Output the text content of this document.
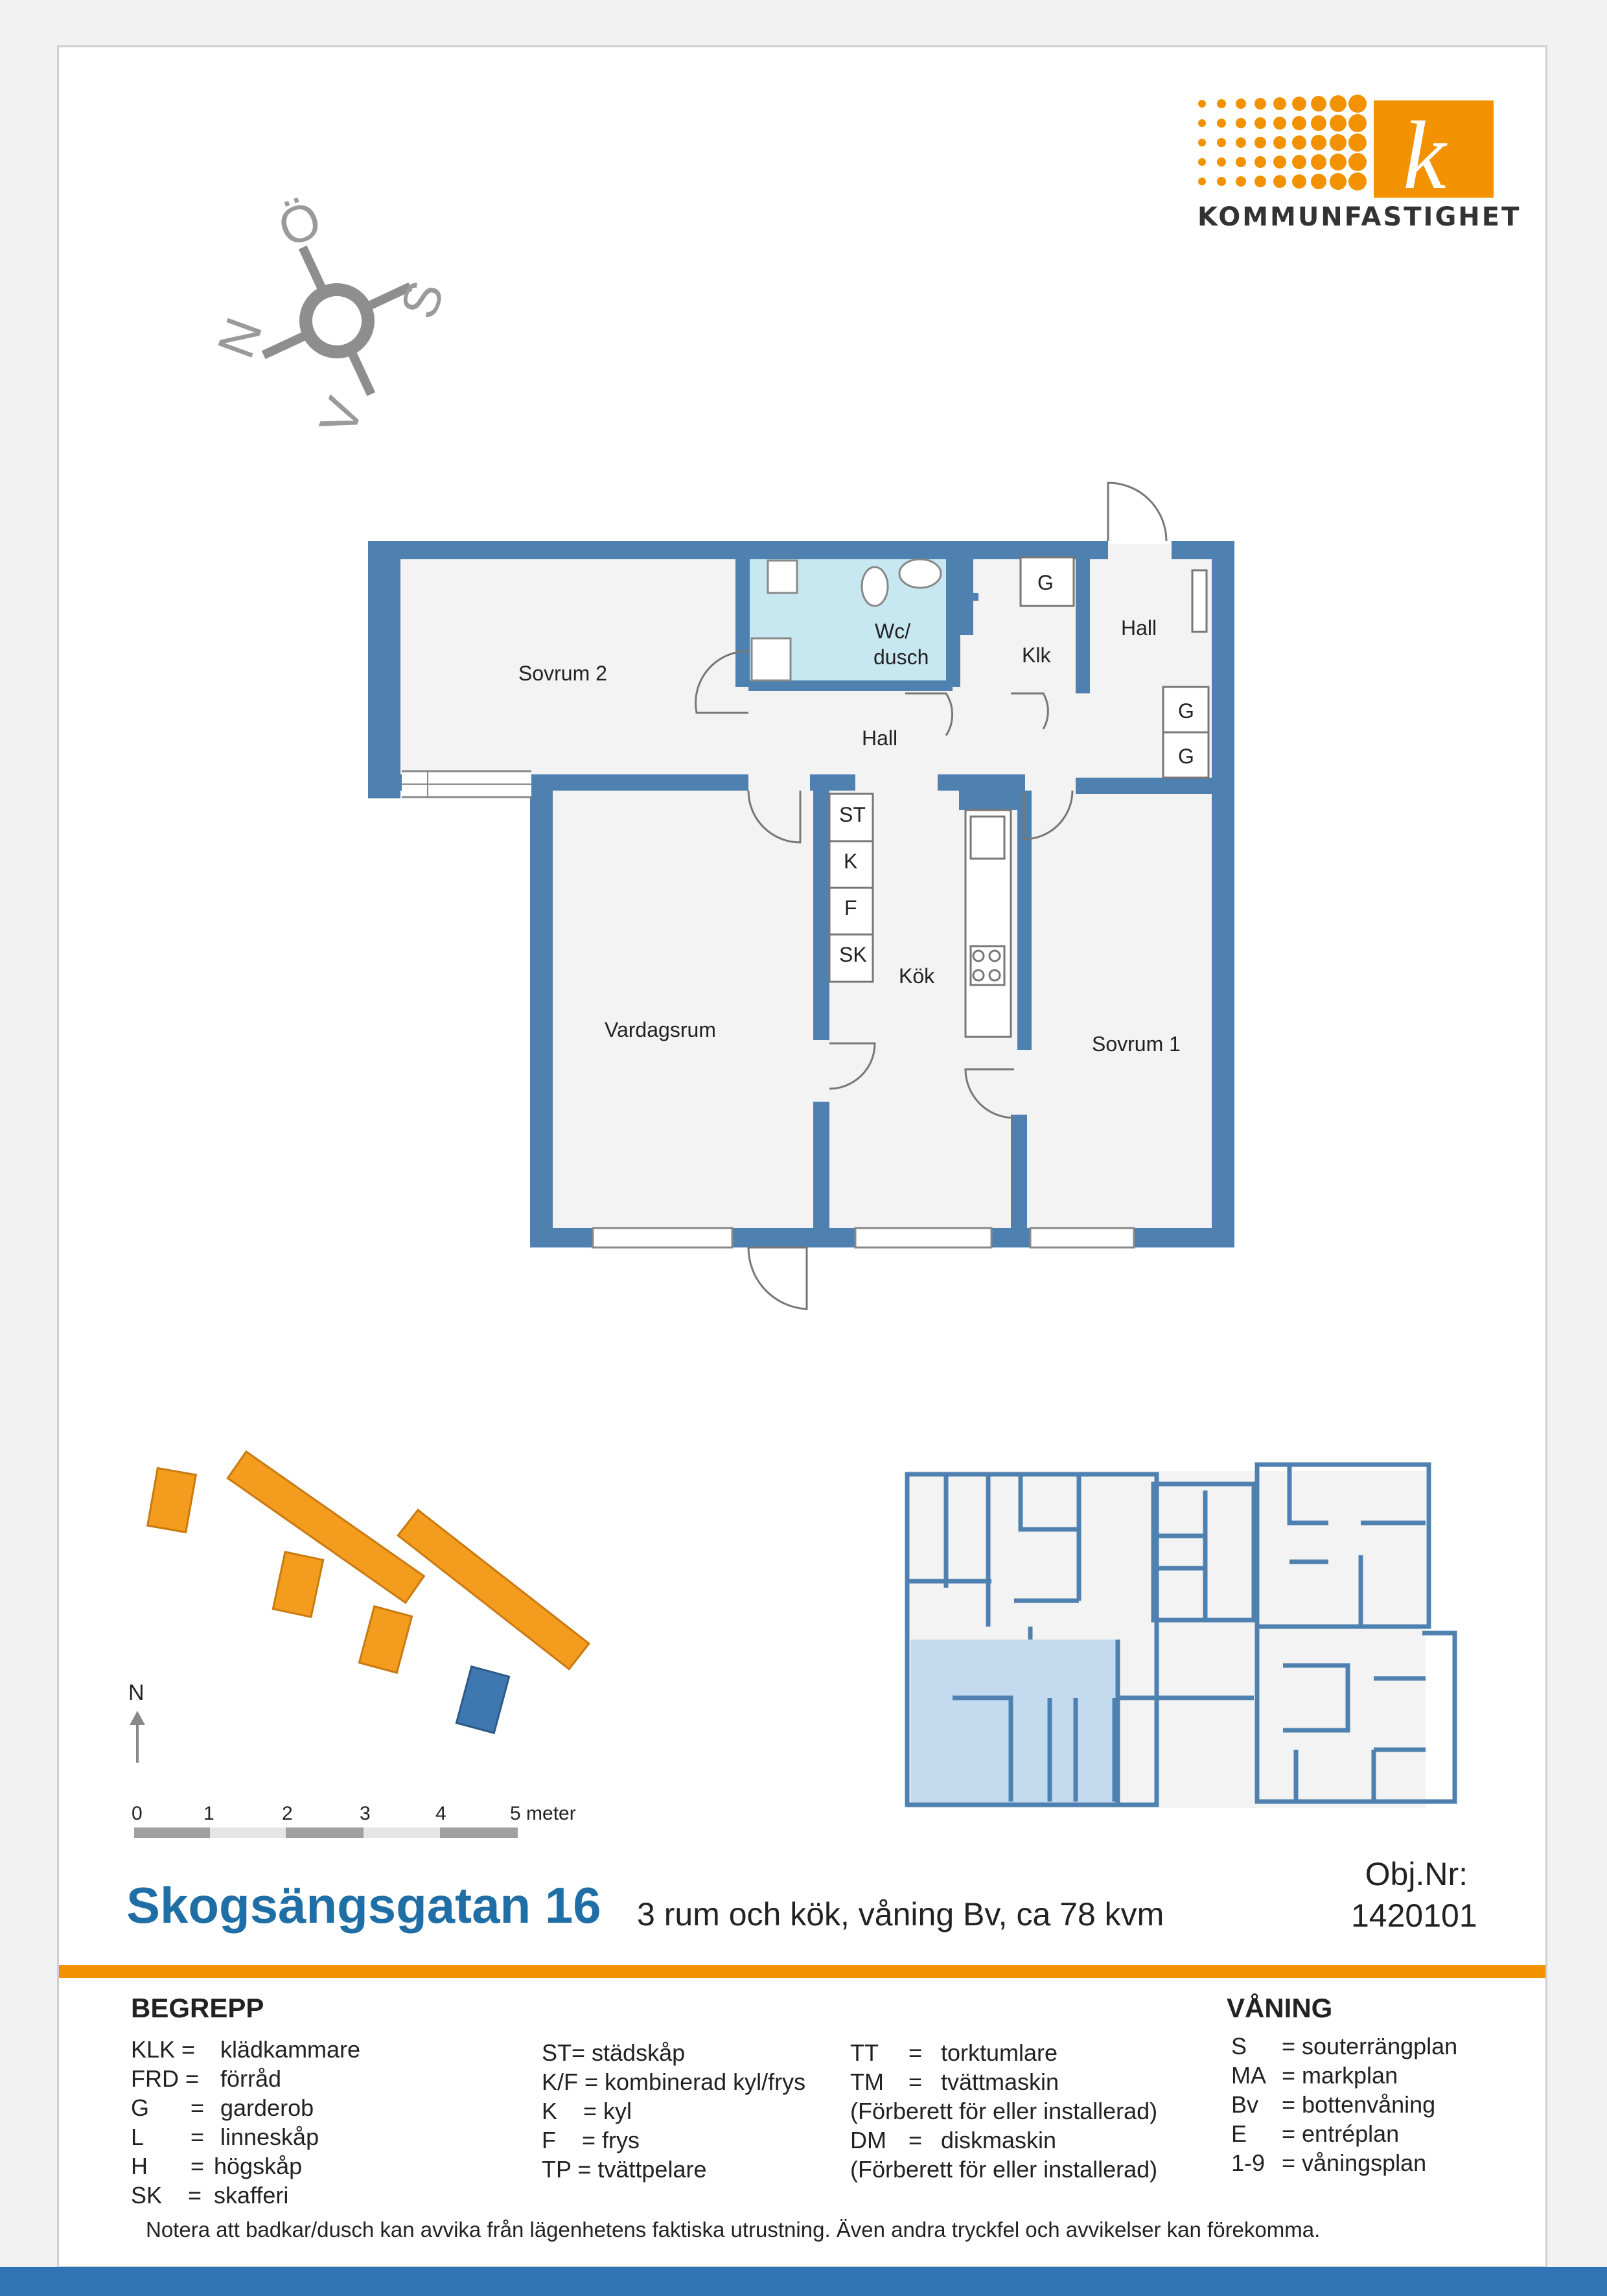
k
Ö
S
N
V
Sovrum 2
Wc/
dusch	Klk
Hall
Hall
Vardagsrum
Kök
Sovrum 1
G
G
G
ST
K
F
SK
N
0	1	2	3	4	5 meter
KOMMUNFASTIGHET
Skogsängsgatan 16 3 rum och kök, våning Bv, ca 78 kvm
Obj.Nr:
1420101
BEGREPP
KLK = klädkammare
FRD = förråd
G = garderob
L = linneskåp
H = högskåp
SK = skafferi
ST= städskåp
K/F = kombinerad kyl/frys
K    = kyl
F    = frys
TP = tvättpelare
TT = torktumlare
TM = tvättmaskin
(Förberett för eller installerad)
DM = diskmaskin
(Förberett för eller installerad)
VÅNING
S = souterrängplan
MA = markplan
Bv = bottenvåning
E = entréplan
1-9 = våningsplan
Notera att badkar/dusch kan avvika från lägenhetens faktiska utrustning. Även andra tryckfel och avvikelser kan förekomma.
